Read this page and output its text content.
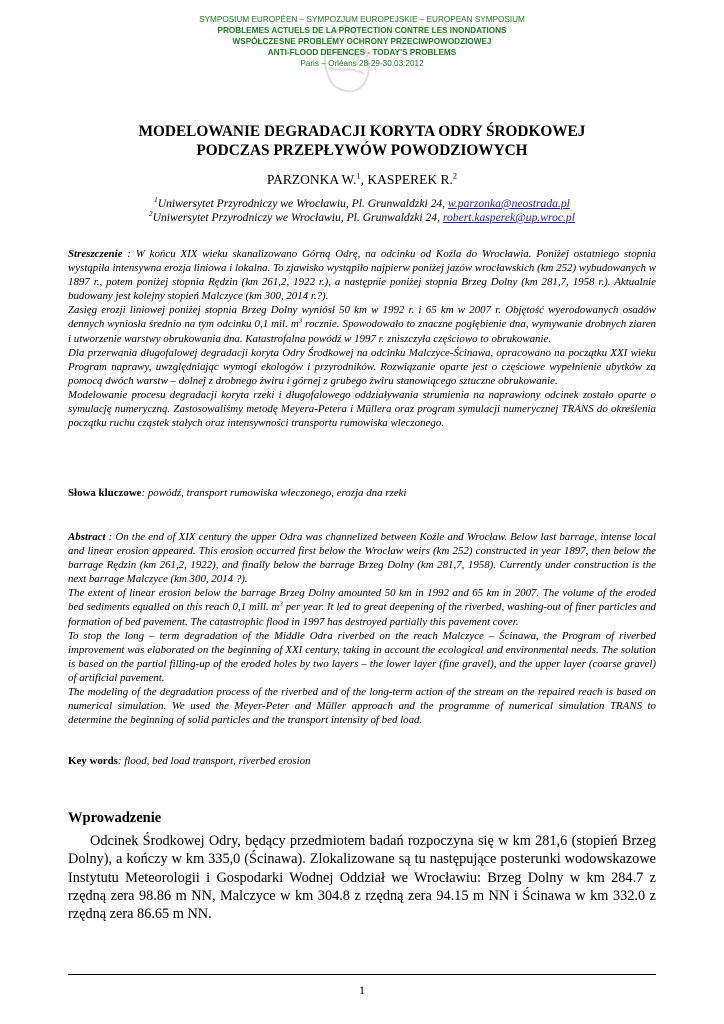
SYMPOSIUM EUROPÉEN – SYMPOZJUM EUROPEJSKIE – EUROPEAN SYMPOSIUM
PROBLEMES ACTUELS DE LA PROTECTION CONTRE LES INONDATIONS
WSPÓŁCZESNE PROBLEMY OCHRONY PRZECIWPOWODZIOWEJ
ANTI-FLOOD DEFENCES - TODAY'S PROBLEMS
Paris – Orléans 28-29-30.03.2012
MODELOWANIE DEGRADACJI KORYTA ODRY ŚRODKOWEJ
PODCZAS PRZEPŁYWÓW POWODZIOWYCH
PARZONKA W.$^1$, KASPEREK R.$^2$
$^1$Uniwersytet Przyrodniczy we Wrocławiu, Pl. Grunwaldzki 24, w.parzonka@neostrada.pl
$^2$Uniwersytet Przyrodniczy we Wrocławiu, Pl. Grunwaldzki 24, robert.kasperek@up.wroc.pl

Streszczenie : W końcu XIX wieku skanalizowano Górną Odrę, na odcinku od Koźla do Wrocławia. Poniżej ostatniego stopnia wystąpiła intensywna erozja liniowa i lokalna. To zjawisko wystąpiło najpierw poniżej jazów wrocławskich (km 252) wybudowanych w 1897 r., potem poniżej stopnia Rędzin (km 261,2, 1922 r.), a następnie poniżej stopnia Brzeg Dolny (km 281,7, 1958 r.). Aktualnie budowany jest kolejny stopień Malczyce (km 300, 2014 r.?).

Zasięg erozji liniowej poniżej stopnia Brzeg Dolny wyniósł 50 km w 1992 r. i 65 km w 2007 r. Objętość wyerodowanych osadów dennych wyniosła średnio na tym odcinku 0,1 mil. $m^3$ rocznie. Spowodowało to znaczne pogłębienie dna, wymywanie drobnych ziaren i utworzenie warstwy obrukowania dna. Katastrofalna powódź w 1997 r. zniszczyła częściowo to obrukowanie.

Dla przerwania długofalowej degradacji koryta Odry Środkowej na odcinku Malczyce-Ścinawa, opracowano na początku XXI wieku Program naprawy, uwzględniając wymogi ekologów i przyrodników. Rozwiązanie oparte jest o częściowe wypełnienie ubytków za pomocą dwóch warstw – dolnej z drobnego żwiru i górnej z grubego żwiru stanowiącego sztuczne obrukowanie.

Modelowanie procesu degradacji koryta rzeki i długofalowego oddziaływania strumienia na naprawiony odcinek zostało oparte o symulację numeryczną. Zastosowaliśmy metodę Meyera-Petera i Müllera oraz program symulacji numerycznej TRANS do określenia początku ruchu cząstek stałych oraz intensywności transportu rumowiska wleczonego.

Słowa kluczowe: powódź, transport rumowiska wleczonego, erozja dna rzeki

Abstract : On the end of XIX century the upper Odra was channelized between Koźle and Wrocław. Below last barrage, intense local and linear erosion appeared. This erosion occurred first below the Wrocław weirs (km 252) constructed in year 1897, then below the barrage Rędzin (km 261,2, 1922), and finally below the barrage Brzeg Dolny (km 281,7, 1958). Currently under construction is the next barrage Malczyce (km 300, 2014 ?).

The extent of linear erosion below the barrage Brzeg Dolny amounted 50 km in 1992 and 65 km in 2007. The volume of the eroded bed sediments equalled on this reach 0,1 mill. $m^3$ per year. It led to great deepening of the riverbed, washing-out of finer particles and formation of bed pavement. The catastrophic flood in 1997 has destroyed partially this pavement cover.

To stop the long – term degradation of the Middle Odra riverbed on the reach Malczyce – Ścinawa, the Program of riverbed improvement was elaborated on the beginning of XXI century, taking in account the ecological and environmental needs. The solution is based on the partial filling-up of the eroded holes by two layers – the lower layer (fine gravel), and the upper layer (coarse gravel) of artificial pavement.

The modeling of the degradation process of the riverbed and of the long-term action of the stream on the repaired reach is based on numerical simulation. We used the Meyer-Peter and Müller approach and the programme of numerical simulation TRANS to determine the beginning of solid particles and the transport intensity of bed load.

Key words: flood, bed load transport, riverbed erosion
Wprowadzenie
Odcinek Środkowej Odry, będący przedmiotem badań rozpoczyna się w km 281,6 (stopień Brzeg Dolny), a kończy w km 335,0 (Ścinawa). Zlokalizowane są tu następujące posterunki wodowskazowe Instytutu Meteorologii i Gospodarki Wodnej Oddział we Wrocławiu: Brzeg Dolny w km 284.7 z rzędną zera 98.86 m NN, Malczyce w km 304.8 z rzędną zera 94.15 m NN i Ścinawa w km 332.0 z rzędną zera 86.65 m NN.
1
